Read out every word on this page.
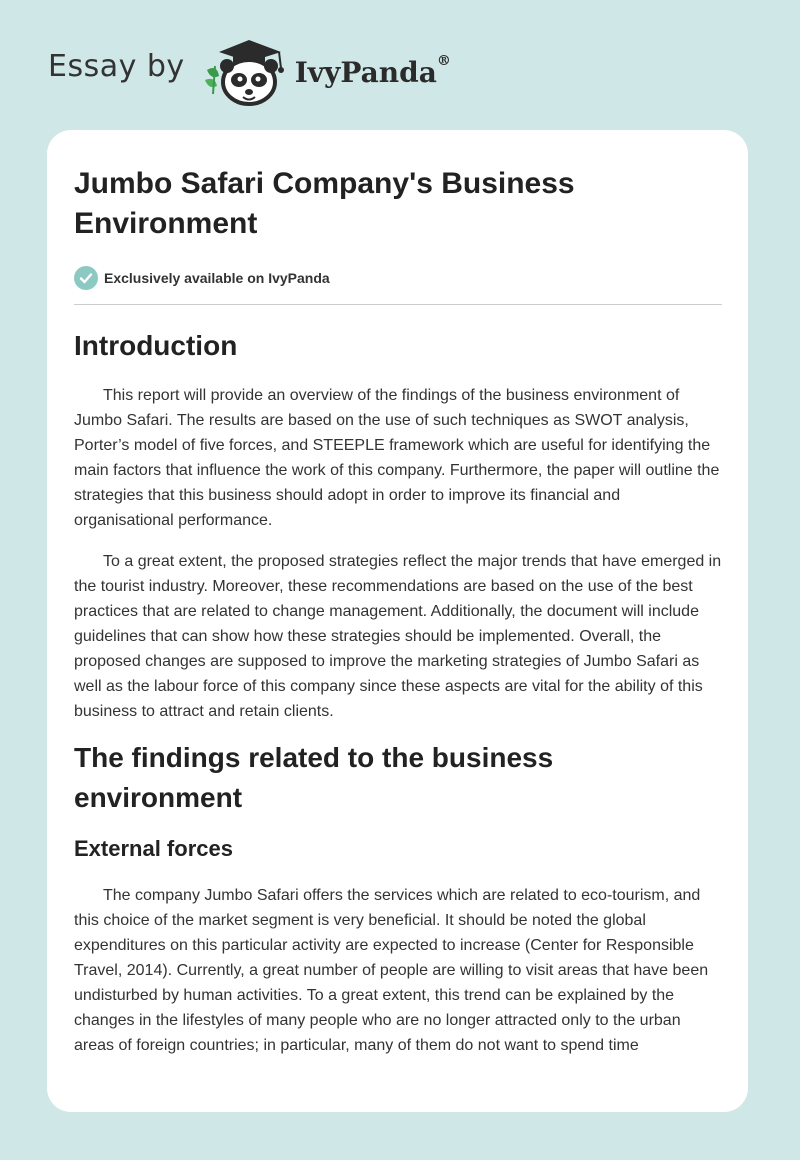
Essay by	IvyPanda®
Jumbo Safari Company's Business Environment
Exclusively available on IvyPanda
Introduction

This report will provide an overview of the findings of the business environment of Jumbo Safari. The results are based on the use of such techniques as SWOT analysis, Porter’s model of five forces, and STEEPLE framework which are useful for identifying the main factors that influence the work of this company. Furthermore, the paper will outline the strategies that this business should adopt in order to improve its financial and organisational performance.

To a great extent, the proposed strategies reflect the major trends that have emerged in the tourist industry. Moreover, these recommendations are based on the use of the best practices that are related to change management. Additionally, the document will include guidelines that can show how these strategies should be implemented. Overall, the proposed changes are supposed to improve the marketing strategies of Jumbo Safari as well as the labour force of this company since these aspects are vital for the ability of this business to attract and retain clients.

The findings related to the business environment
External forces

The company Jumbo Safari offers the services which are related to eco-tourism, and this choice of the market segment is very beneficial. It should be noted the global expenditures on this particular activity are expected to increase (Center for Responsible Travel, 2014). Currently, a great number of people are willing to visit areas that have been undisturbed by human activities. To a great extent, this trend can be explained by the changes in the lifestyles of many people who are no longer attracted only to the urban areas of foreign countries; in particular, many of them do not want to spend time
